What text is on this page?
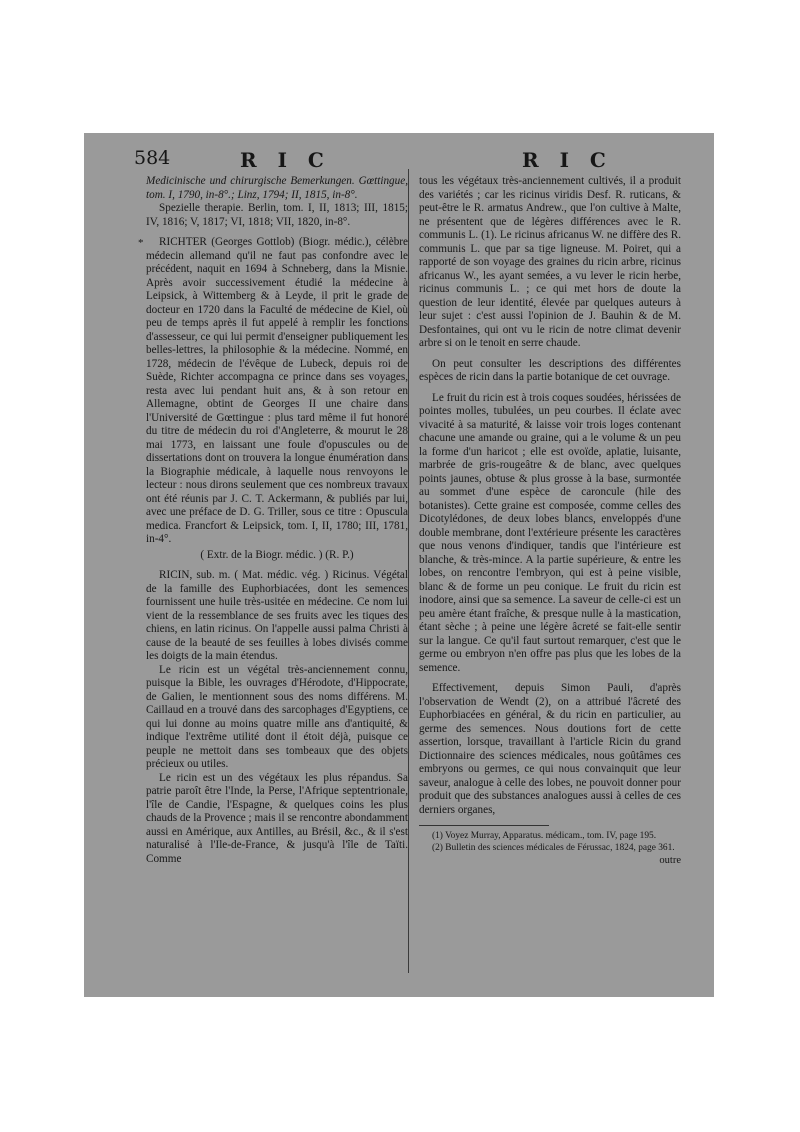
584	R I C	R I C

Medicinische und chirurgische Bemerkungen. Gœttingue, tom. I, 1790, in-8°.; Linz, 1794; II, 1815, in-8°.

Spezielle therapie. Berlin, tom. I, II, 1813; III, 1815; IV, 1816; V, 1817; VI, 1818; VII, 1820, in-8°.

* RICHTER (Georges Gottlob) (Biogr. médic.), célèbre médecin allemand qu'il ne faut pas confondre avec le précédent, naquit en 1694 à Schneberg, dans la Misnie. Après avoir successivement étudié la médecine à Leipsick, à Wittemberg & à Leyde, il prit le grade de docteur en 1720 dans la Faculté de médecine de Kiel, où peu de temps après il fut appelé à remplir les fonctions d'assesseur, ce qui lui permit d'enseigner publiquement les belles-lettres, la philosophie & la médecine. Nommé, en 1728, médecin de l'évêque de Lubeck, depuis roi de Suède, Richter accompagna ce prince dans ses voyages, resta avec lui pendant huit ans, & à son retour en Allemagne, obtint de Georges II une chaire dans l'Université de Gœttingue : plus tard même il fut honoré du titre de médecin du roi d'Angleterre, & mourut le 28 mai 1773, en laissant une foule d'opuscules ou de dissertations dont on trouvera la longue énumération dans la Biographie médicale, à laquelle nous renvoyons le lecteur : nous dirons seulement que ces nombreux travaux ont été réunis par J. C. T. Ackermann, & publiés par lui, avec une préface de D. G. Triller, sous ce titre : Opuscula medica. Francfort & Leipsick, tom. I, II, 1780; III, 1781, in-4°.

( Extr. de la Biogr. médic. ) (R. P.)

RICIN, sub. m. ( Mat. médic. vég. ) Ricinus. Végétal de la famille des Euphorbiacées, dont les semences fournissent une huile très-usitée en médecine. Ce nom lui vient de la ressemblance de ses fruits avec les tiques des chiens, en latin ricinus. On l'appelle aussi palma Christi à cause de la beauté de ses feuilles à lobes divisés comme les doigts de la main étendus.

Le ricin est un végétal très-anciennement connu, puisque la Bible, les ouvrages d'Hérodote, d'Hippocrate, de Galien, le mentionnent sous des noms différens. M. Caillaud en a trouvé dans des sarcophages d'Egyptiens, ce qui lui donne au moins quatre mille ans d'antiquité, & indique l'extrême utilité dont il étoit déjà, puisque ce peuple ne mettoit dans ses tombeaux que des objets précieux ou utiles.

Le ricin est un des végétaux les plus répandus. Sa patrie paroît être l'Inde, la Perse, l'Afrique septentrionale, l'île de Candie, l'Espagne, & quelques coins les plus chauds de la Provence ; mais il se rencontre abondamment aussi en Amérique, aux Antilles, au Brésil, &c., & il s'est naturalisé à l'Ile-de-France, & jusqu'à l'île de Taïti. Comme

tous les végétaux très-anciennement cultivés, il a produit des variétés ; car les ricinus viridis Desf. R. ruticans, & peut-être le R. armatus Andrew., que l'on cultive à Malte, ne présentent que de légères différences avec le R. communis L. (1). Le ricinus africanus W. ne diffère des R. communis L. que par sa tige ligneuse. M. Poiret, qui a rapporté de son voyage des graines du ricin arbre, ricinus africanus W., les ayant semées, a vu lever le ricin herbe, ricinus communis L. ; ce qui met hors de doute la question de leur identité, élevée par quelques auteurs à leur sujet : c'est aussi l'opinion de J. Bauhin & de M. Desfontaines, qui ont vu le ricin de notre climat devenir arbre si on le tenoit en serre chaude.

On peut consulter les descriptions des différentes espèces de ricin dans la partie botanique de cet ouvrage.

Le fruit du ricin est à trois coques soudées, hérissées de pointes molles, tubulées, un peu courbes. Il éclate avec vivacité à sa maturité, & laisse voir trois loges contenant chacune une amande ou graine, qui a le volume & un peu la forme d'un haricot ; elle est ovoïde, aplatie, luisante, marbrée de gris-rougeâtre & de blanc, avec quelques points jaunes, obtuse & plus grosse à la base, surmontée au sommet d'une espèce de caroncule (hile des botanistes). Cette graine est composée, comme celles des Dicotylédones, de deux lobes blancs, enveloppés d'une double membrane, dont l'extérieure présente les caractères que nous venons d'indiquer, tandis que l'intérieure est blanche, & très-mince. A la partie supérieure, & entre les lobes, on rencontre l'embryon, qui est à peine visible, blanc & de forme un peu conique. Le fruit du ricin est inodore, ainsi que sa semence. La saveur de celle-ci est un peu amère étant fraîche, & presque nulle à la mastication, étant sèche ; à peine une légère âcreté se fait-elle sentir sur la langue. Ce qu'il faut surtout remarquer, c'est que le germe ou embryon n'en offre pas plus que les lobes de la semence.

Effectivement, depuis Simon Pauli, d'après l'observation de Wendt (2), on a attribué l'âcreté des Euphorbiacées en général, & du ricin en particulier, au germe des semences. Nous doutions fort de cette assertion, lorsque, travaillant à l'article Ricin du grand Dictionnaire des sciences médicales, nous goûtâmes ces embryons ou germes, ce qui nous convainquit que leur saveur, analogue à celle des lobes, ne pouvoit donner pour produit que des substances analogues aussi à celles de ces derniers organes,

(1) Voyez Murray, Apparatus. médicam., tom. IV, page 195.

(2) Bulletin des sciences médicales de Férussac, 1824, page 361.

outre
